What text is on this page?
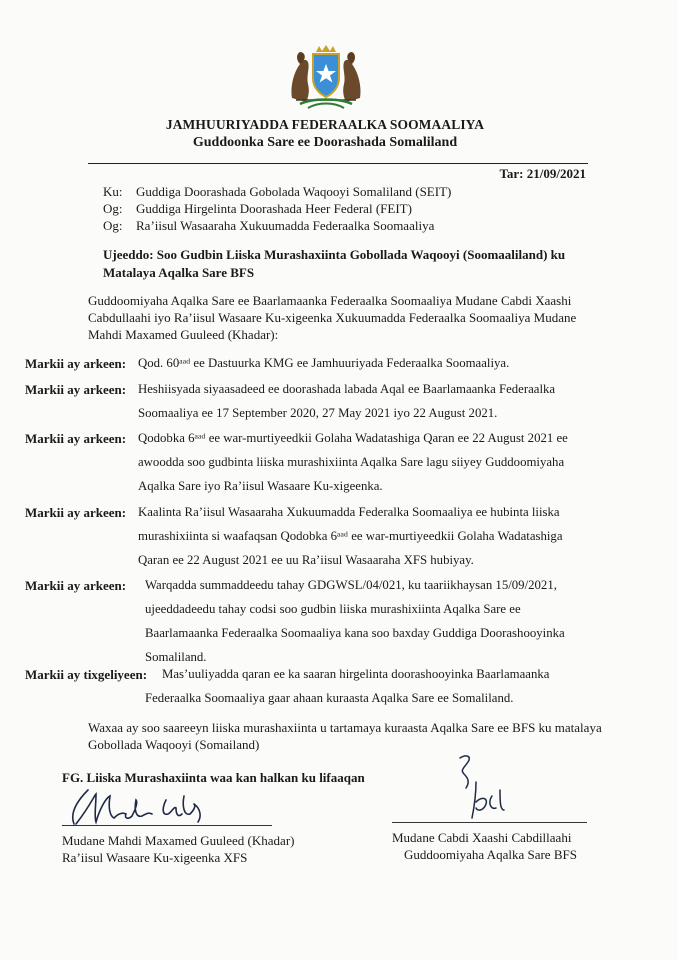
JAMHUURIYADDA FEDERAALKA SOOMAALIYA
Guddoonka Sare ee Doorashada Somaliland
Tar: 21/09/2021
Ku: Guddiga Doorashada Gobolada Waqooyi Somaliland (SEIT)
Og: Guddiga Hirgelinta Doorashada Heer Federal (FEIT)
Og: Ra’iisul Wasaaraha Xukuumadda Federaalka Soomaaliya
Ujeeddo: Soo Gudbin Liiska Murashaxiinta Gobollada Waqooyi (Soomaaliland) ku
Matalaya Aqalka Sare BFS
Guddoomiyaha Aqalka Sare ee Baarlamaanka Federaalka Soomaaliya Mudane Cabdi Xaashi
Cabdullaahi iyo Ra’iisul Wasaare Ku-xigeenka Xukuumadda Federaalka Soomaaliya Mudane
Mahdi Maxamed Guuleed (Khadar):
Markii ay arkeen: Qod. 60ᵃᵃᵈ ee Dastuurka KMG ee Jamhuuriyada Federaalka Soomaaliya.
Markii ay arkeen: Heshiisyada siyaasadeed ee doorashada labada Aqal ee Baarlamaanka Federaalka
Soomaaliya ee 17 September 2020, 27 May 2021 iyo 22 August 2021.
Markii ay arkeen: Qodobka 6ᵃᵃᵈ ee war-murtiyeedkii Golaha Wadatashiga Qaran ee 22 August 2021 ee
awoodda soo gudbinta liiska murashixiinta Aqalka Sare lagu siiyey Guddoomiyaha
Aqalka Sare iyo Ra’iisul Wasaare Ku-xigeenka.
Markii ay arkeen: Kaalinta Ra’iisul Wasaaraha Xukuumadda Federalka Soomaaliya ee hubinta liiska
murashixiinta si waafaqsan Qodobka 6ᵃᵃᵈ ee war-murtiyeedkii Golaha Wadatashiga
Qaran ee 22 August 2021 ee uu Ra’iisul Wasaaraha XFS hubiyay.
Markii ay arkeen: Warqadda summaddeedu tahay GDGWSL/04/021, ku taariikhaysan 15/09/2021,
ujeeddadeedu tahay codsi soo gudbin liiska murashixiinta Aqalka Sare ee
Baarlamaanka Federaalka Soomaaliya kana soo baxday Guddiga Doorashooyinka
Somaliland.
Markii ay tixgeliyeen: Mas’uuliyadda qaran ee ka saaran hirgelinta doorashooyinka Baarlamaanka
Federaalka Soomaaliya gaar ahaan kuraasta Aqalka Sare ee Somaliland.
Waxaa ay soo saareeyn liiska murashaxiinta u tartamaya kuraasta Aqalka Sare ee BFS ku matalaya
Gobollada Waqooyi (Somailand)
FG. Liiska Murashaxiinta waa kan halkan ku lifaaqan
Mudane Mahdi Maxamed Guuleed (Khadar)
Ra’iisul Wasaare Ku-xigeenka XFS
Mudane Cabdi Xaashi Cabdillaahi
Guddoomiyaha Aqalka Sare BFS
